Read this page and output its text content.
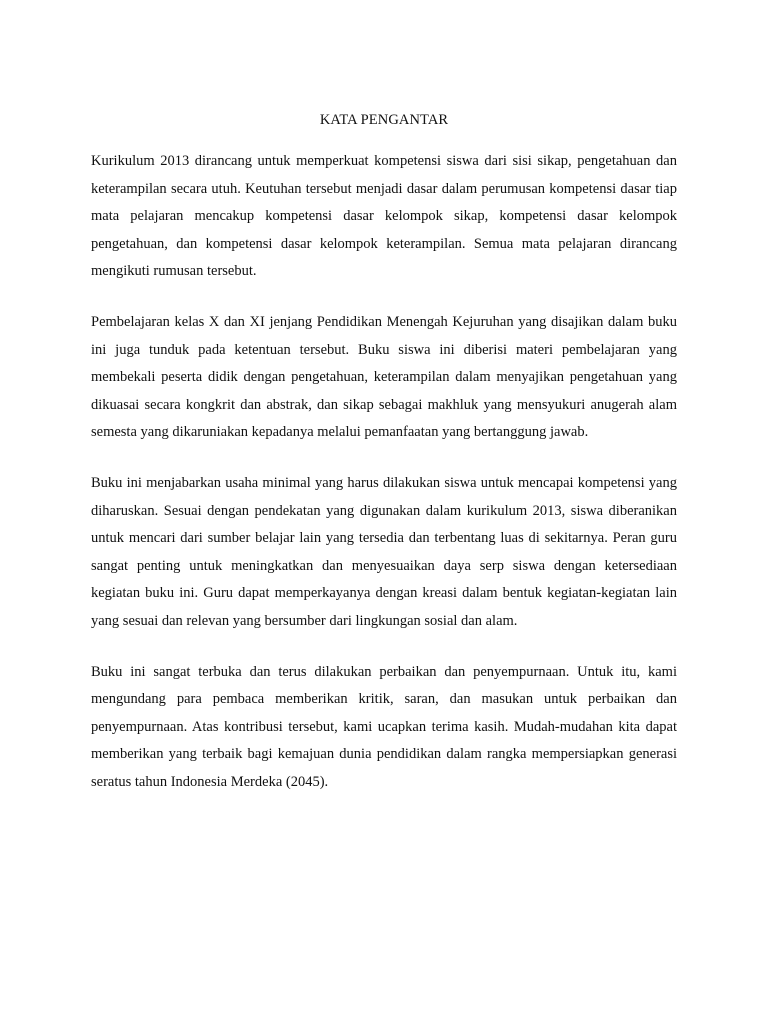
KATA PENGANTAR

Kurikulum 2013 dirancang untuk memperkuat kompetensi siswa dari sisi sikap, pengetahuan dan keterampilan secara utuh. Keutuhan tersebut menjadi dasar dalam perumusan kompetensi dasar tiap mata pelajaran mencakup kompetensi dasar kelompok sikap, kompetensi dasar kelompok pengetahuan, dan kompetensi dasar kelompok keterampilan. Semua mata pelajaran dirancang mengikuti rumusan tersebut.

Pembelajaran kelas X dan XI jenjang Pendidikan Menengah Kejuruhan yang disajikan dalam buku ini juga tunduk pada ketentuan tersebut. Buku siswa ini diberisi materi pembelajaran yang membekali peserta didik dengan pengetahuan, keterampilan dalam menyajikan pengetahuan yang dikuasai secara kongkrit dan abstrak, dan sikap sebagai makhluk yang mensyukuri anugerah alam semesta yang dikaruniakan kepadanya melalui pemanfaatan yang bertanggung jawab.

Buku ini menjabarkan usaha minimal yang harus dilakukan siswa untuk mencapai kompetensi yang diharuskan. Sesuai dengan pendekatan yang digunakan dalam kurikulum 2013, siswa diberanikan untuk mencari dari sumber belajar lain yang tersedia dan terbentang luas di sekitarnya. Peran guru sangat penting untuk meningkatkan dan menyesuaikan daya serp siswa dengan ketersediaan kegiatan buku ini. Guru dapat memperkayanya dengan kreasi dalam bentuk kegiatan-kegiatan lain yang sesuai dan relevan yang bersumber dari lingkungan sosial dan alam.

Buku ini sangat terbuka dan terus dilakukan perbaikan dan penyempurnaan. Untuk itu, kami mengundang para pembaca memberikan kritik, saran, dan masukan untuk perbaikan dan penyempurnaan. Atas kontribusi tersebut, kami ucapkan terima kasih. Mudah-mudahan kita dapat memberikan yang terbaik bagi kemajuan dunia pendidikan dalam rangka mempersiapkan generasi seratus tahun Indonesia Merdeka (2045).
